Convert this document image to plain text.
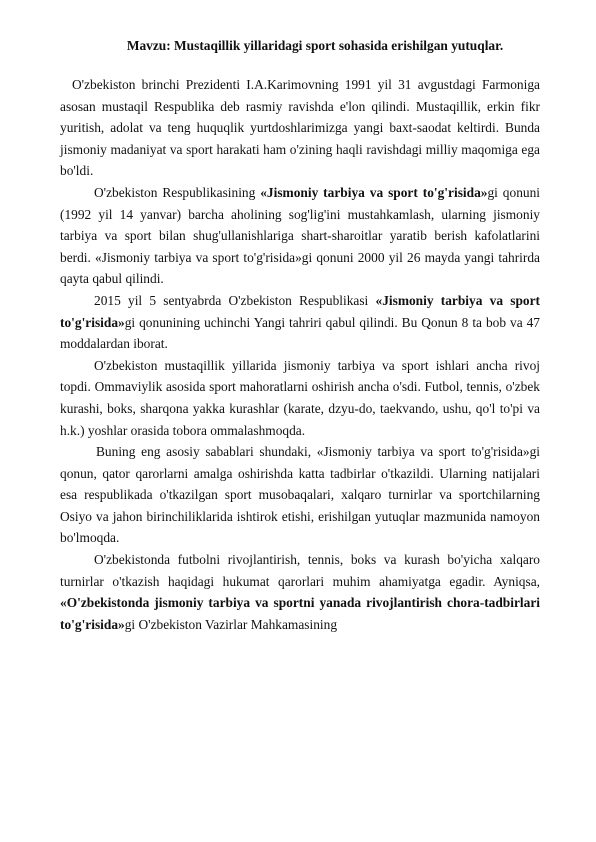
Mavzu: Mustaqillik yillaridagi sport sohasida erishilgan yutuqlar.

O'zbekiston brinchi Prezidenti I.A.Karimovning 1991 yil 31 avgustdagi Farmoniga asosan mustaqil Respublika deb rasmiy ravishda e'lon qilindi. Mustaqillik, erkin fikr yuritish, adolat va teng huquqlik yurtdoshlarimizga yangi baxt-saodat keltirdi. Bunda jismoniy madaniyat va sport harakati ham o'zining haqli ravishdagi milliy maqomiga ega bo'ldi.

O'zbekiston Respublikasining «Jismoniy tarbiya va sport to'g'risida»gi qonuni (1992 yil 14 yanvar) barcha aholining sog'lig'ini mustahkamlash, ularning jismoniy tarbiya va sport bilan shug'ullanishlariga shart-sharoitlar yaratib berish kafolatlarini berdi. «Jismoniy tarbiya va sport to'g'risida»gi qonuni 2000 yil 26 mayda yangi tahrirda qayta qabul qilindi.

2015 yil 5 sentyabrda O'zbekiston Respublikasi «Jismoniy tarbiya va sport to'g'risida»gi qonunining uchinchi Yangi tahriri qabul qilindi. Bu Qonun 8 ta bob va 47 moddalardan iborat.

O'zbekiston mustaqillik yillarida jismoniy tarbiya va sport ishlari ancha rivoj topdi. Ommaviylik asosida sport mahoratlarni oshirish ancha o'sdi. Futbol, tennis, o'zbek kurashi, boks, sharqona yakka kurashlar (karate, dzyu-do, taekvando, ushu, qo'l to'pi va h.k.) yoshlar orasida tobora ommalashmoqda.

Buning eng asosiy sabablari shundaki, «Jismoniy tarbiya va sport to'g'risida»gi qonun, qator qarorlarni amalga oshirishda katta tadbirlar o'tkazildi. Ularning natijalari esa respublikada o'tkazilgan sport musobaqalari, xalqaro turnirlar va sportchilarning Osiyo va jahon birinchiliklarida ishtirok etishi, erishilgan yutuqlar mazmunida namoyon bo'lmoqda.

O'zbekistonda futbolni rivojlantirish, tennis, boks va kurash bo'yicha xalqaro turnirlar o'tkazish haqidagi hukumat qarorlari muhim ahamiyatga egadir. Ayniqsa, «O'zbekistonda jismoniy tarbiya va sportni yanada rivojlantirish chora-tadbirlari to'g'risida»gi O'zbekiston Vazirlar Mahkamasining
